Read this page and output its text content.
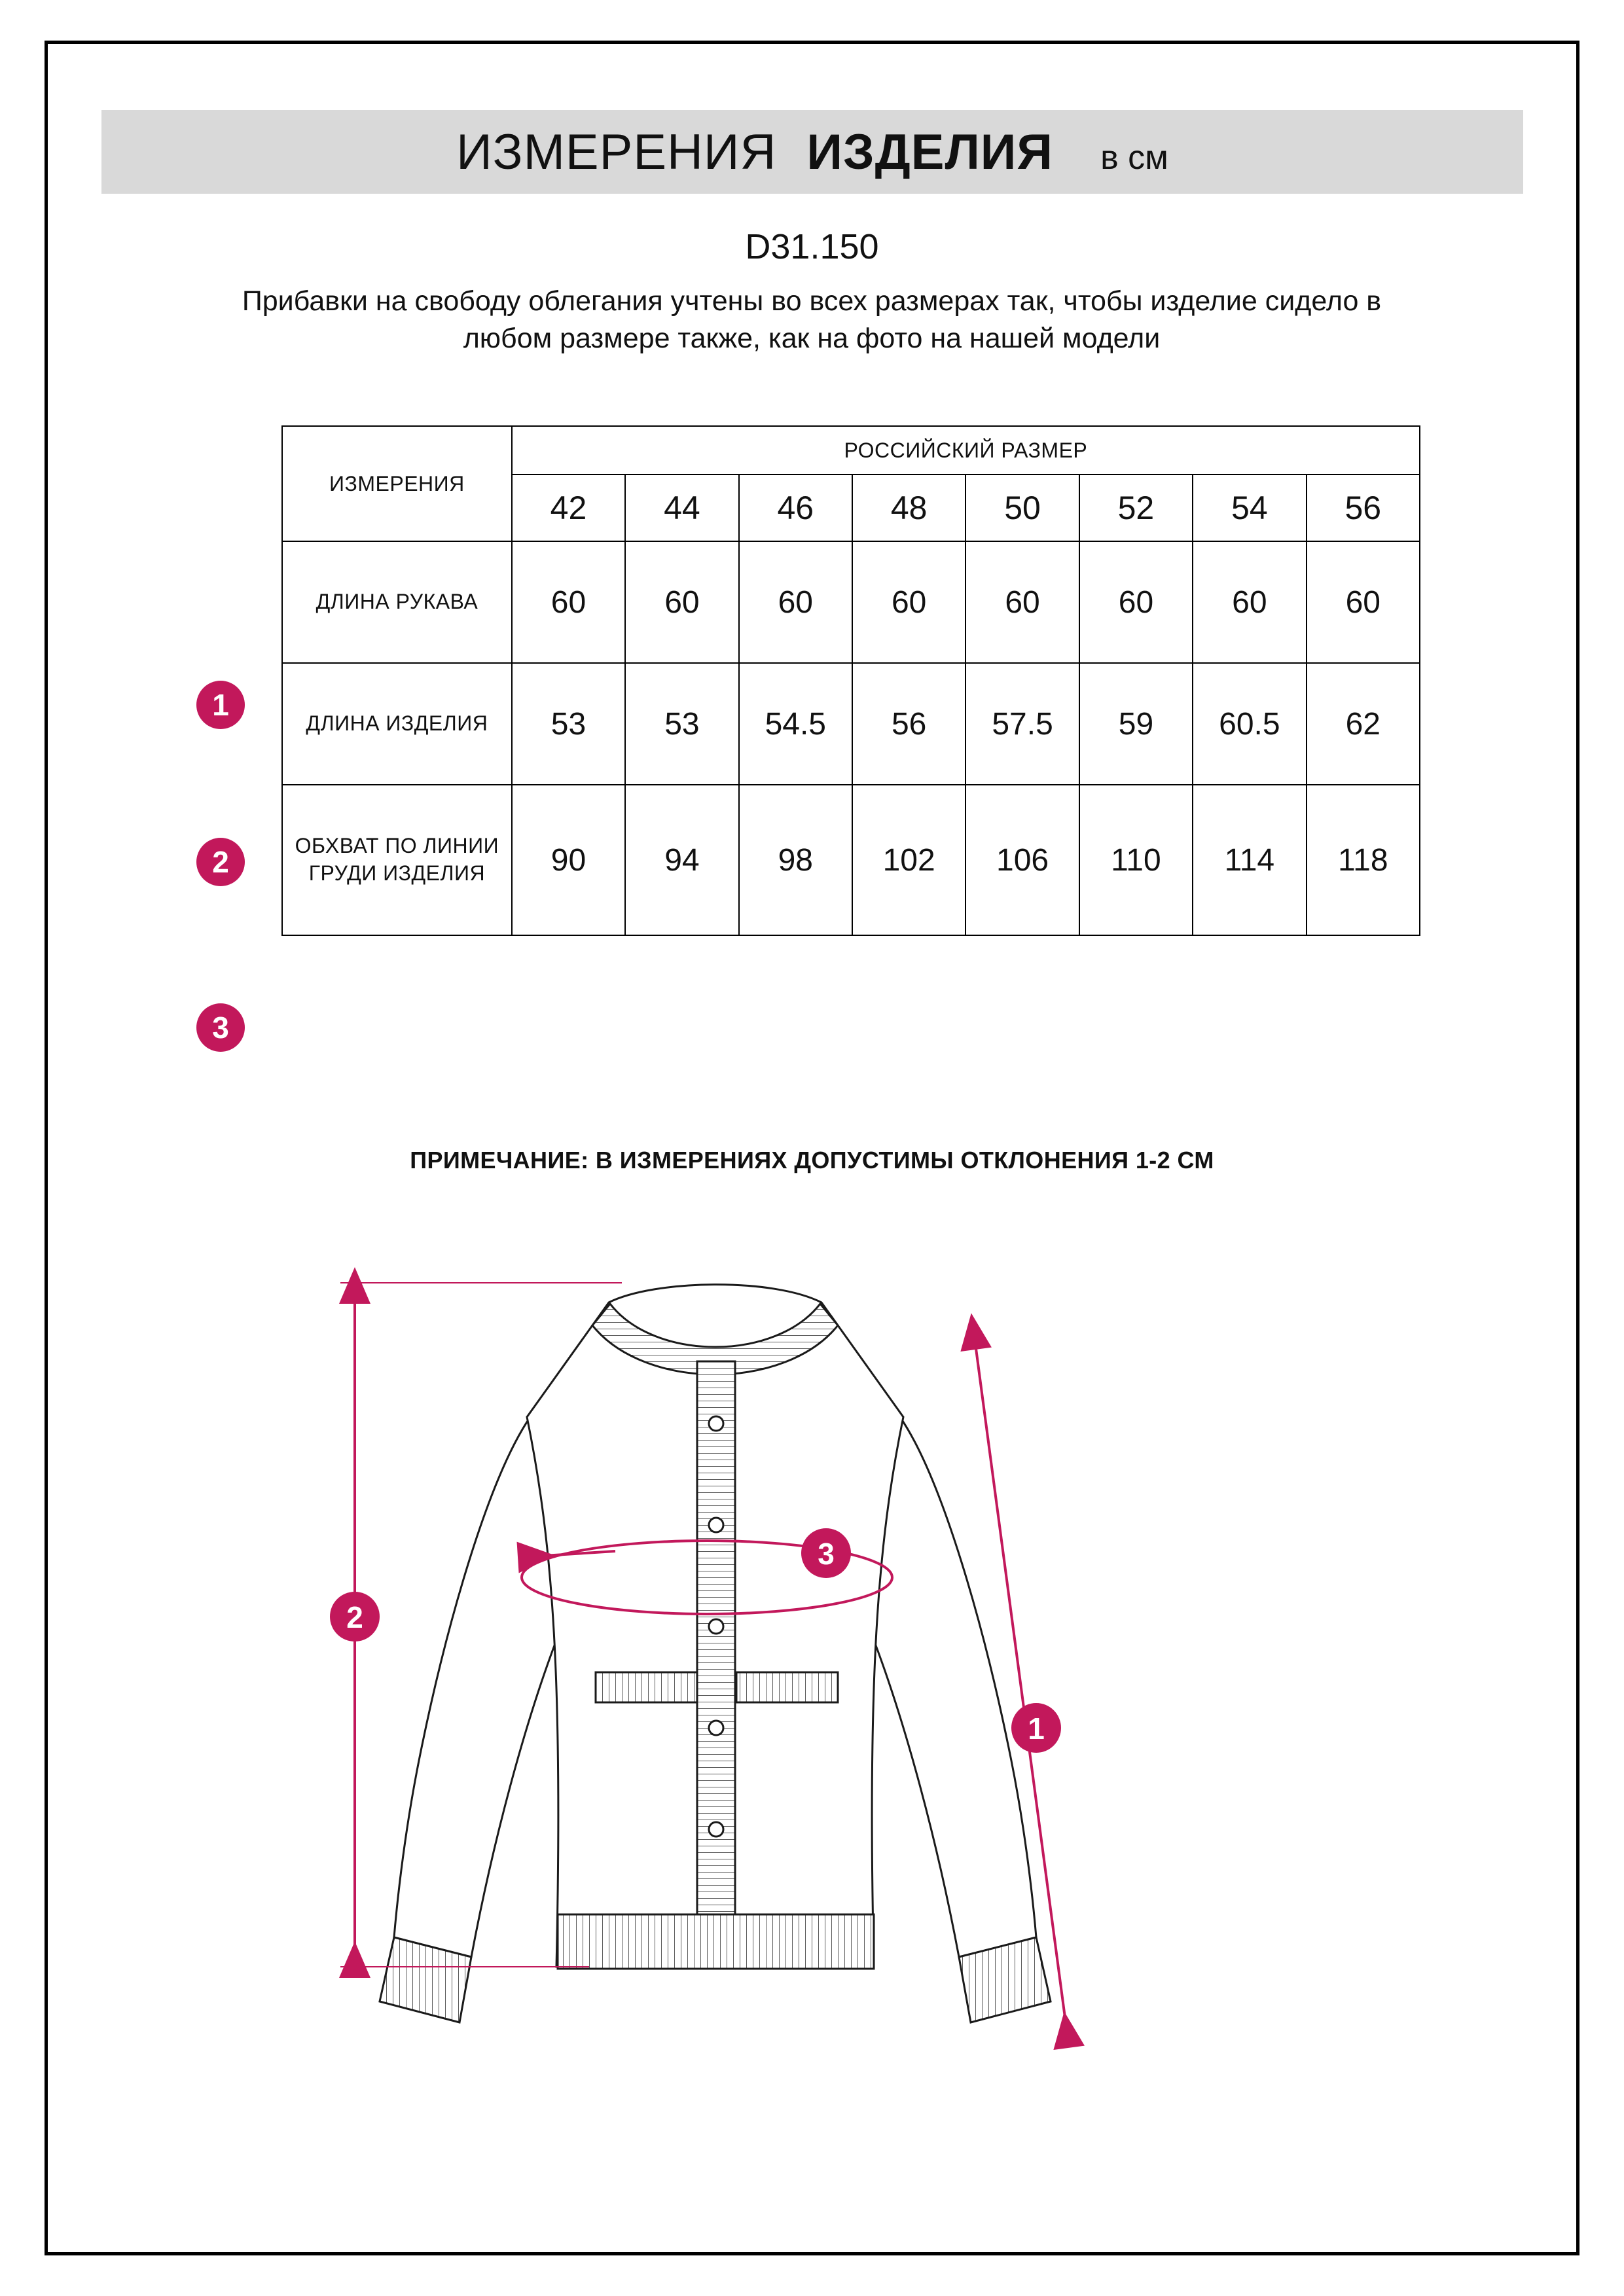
ИЗМЕРЕНИЯ ИЗДЕЛИЯ в см
D31.150
Прибавки на свободу облегания учтены во всех размерах так, чтобы изделие сидело в любом размере также, как на фото на нашей модели
ИЗМЕРЕНИЯ	РОССИЙСКИЙ РАЗМЕР							
	42	44	46	48	50	52	54	56
ДЛИНА РУКАВА	60	60	60	60	60	60	60	60
ДЛИНА ИЗДЕЛИЯ	53	53	54.5	56	57.5	59	60.5	62
ОБХВАТ ПО ЛИНИИ ГРУДИ ИЗДЕЛИЯ	90	94	98	102	106	110	114	118
1
2
3
ПРИМЕЧАНИЕ: В ИЗМЕРЕНИЯХ ДОПУСТИМЫ ОТКЛОНЕНИЯ 1-2 СМ
2
1
3
